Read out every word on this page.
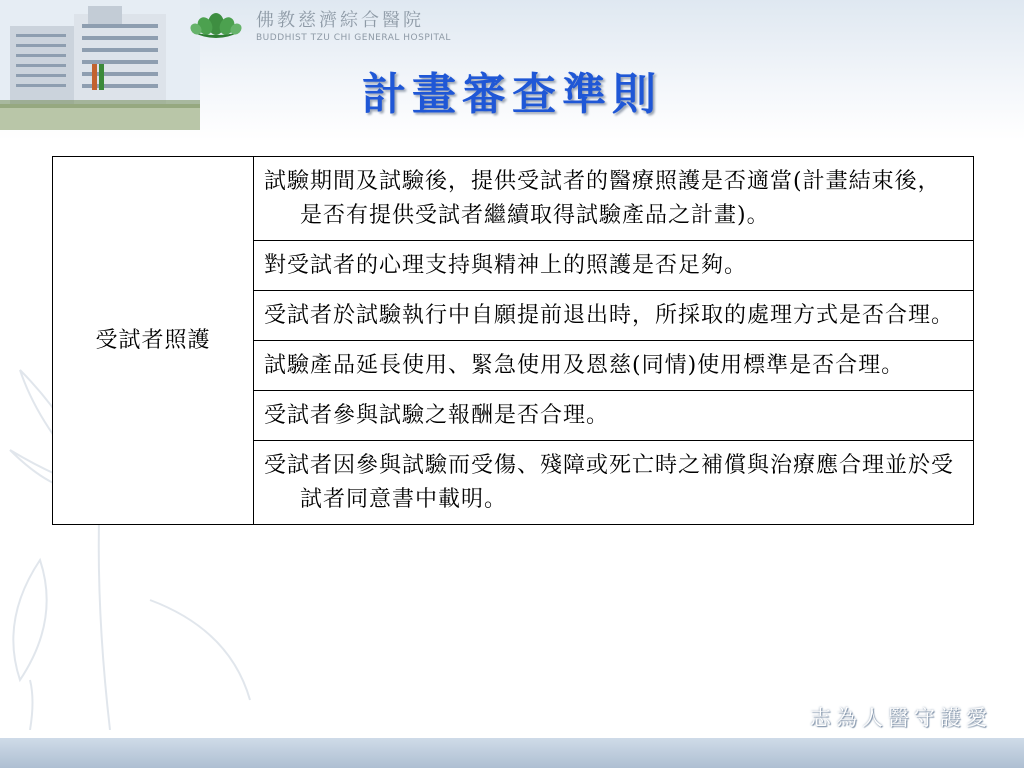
佛教慈濟綜合醫院
BUDDHIST TZU CHI GENERAL HOSPITAL
計畫審查準則
受試者照護	
試驗期間及試驗後，提供受試者的醫療照護是否適當(計畫結束後，是否有提供受試者繼續取得試驗產品之計畫)。

對受試者的心理支持與精神上的照護是否足夠。

受試者於試驗執行中自願提前退出時，所採取的處理方式是否合理。

試驗產品延長使用、緊急使用及恩慈(同情)使用標準是否合理。

受試者參與試驗之報酬是否合理。

受試者因參與試驗而受傷、殘障或死亡時之補償與治療應合理並於受試者同意書中載明。
志為人醫守護愛
